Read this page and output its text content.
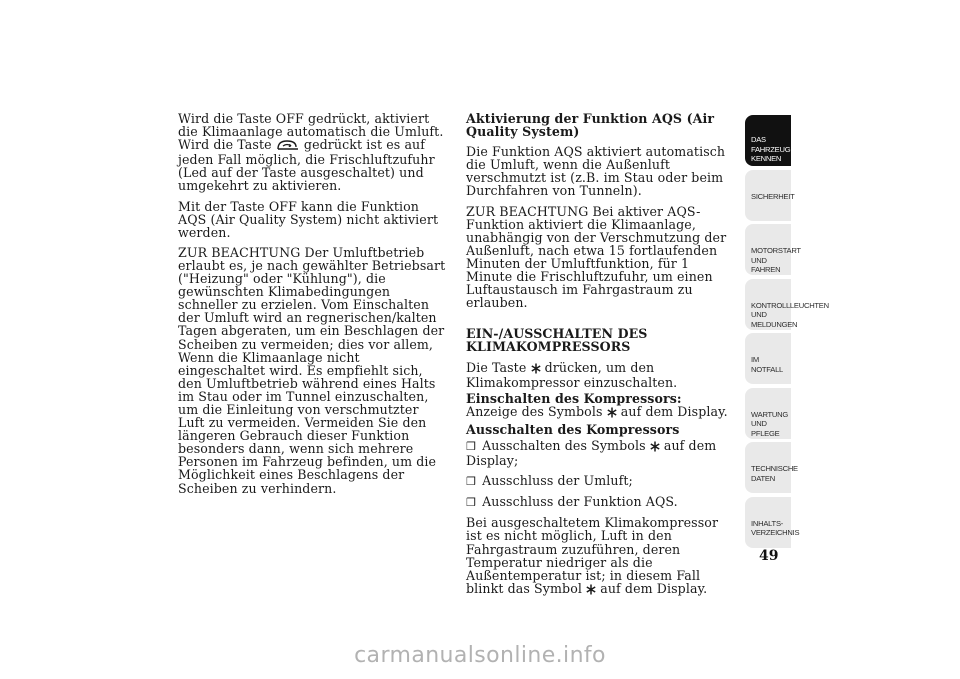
Wird die Taste OFF gedrückt, aktiviert die Klimaanlage automatisch die Umluft. Wird die Taste	gedrückt ist es auf jeden Fall möglich, die Frischluftzufuhr (Led auf der Taste ausgeschaltet) und umgekehrt zu aktivieren.

Mit der Taste OFF kann die Funktion AQS (Air Quality System) nicht aktiviert werden.

ZUR BEACHTUNG Der Umluftbetrieb erlaubt es, je nach gewählter Betriebsart ("Heizung" oder "Kühlung"), die gewünschten Klimabedingungen schneller zu erzielen. Vom Einschalten der Umluft wird an regnerischen/kalten Tagen abgeraten, um ein Beschlagen der Scheiben zu vermeiden; dies vor allem, Wenn die Klimaanlage nicht eingeschaltet wird. Es empfiehlt sich, den Umluftbetrieb während eines Halts im Stau oder im Tunnel einzuschalten, um die Einleitung von verschmutzter Luft zu vermeiden. Vermeiden Sie den längeren Gebrauch dieser Funktion besonders dann, wenn sich mehrere Personen im Fahrzeug befinden, um die Möglichkeit eines Beschlagens der Scheiben zu verhindern.

Aktivierung der Funktion AQS (Air Quality System)

Die Funktion AQS aktiviert automatisch die Umluft, wenn die Außenluft verschmutzt ist (z.B. im Stau oder beim Durchfahren von Tunneln).

ZUR BEACHTUNG Bei aktiver AQS-Funktion aktiviert die Klimaanlage, unabhängig von der Verschmutzung der Außenluft, nach etwa 15 fortlaufenden Minuten der Umluftfunktion, für 1 Minute die Frischluftzufuhr, um einen Luftaustausch im Fahrgastraum zu erlauben.

EIN-/AUSSCHALTEN DES KLIMAKOMPRESSORS

Die Taste drücken, um den Klimakompressor einzuschalten.

Einschalten des Kompressors: Anzeige des Symbols auf dem Display.

Ausschalten des Kompressors

❒ Ausschalten des Symbols auf dem Display;

❒ Ausschluss der Umluft;

❒ Ausschluss der Funktion AQS.

Bei ausgeschaltetem Klimakompressor ist es nicht möglich, Luft in den Fahrgastraum zuzuführen, deren Temperatur niedriger als die Außentemperatur ist; in diesem Fall blinkt das Symbol auf dem Display.

DAS FAHRZEUG
KENNEN
SICHERHEIT
MOTORSTART UND
FAHREN
KONTROLLLEUCHTEN
UND MELDUNGEN
IM NOTFALL
WARTUNG UND
PFLEGE
TECHNISCHE
DATEN
INHALTS-
VERZEICHNIS
49
carmanualsonline.info
